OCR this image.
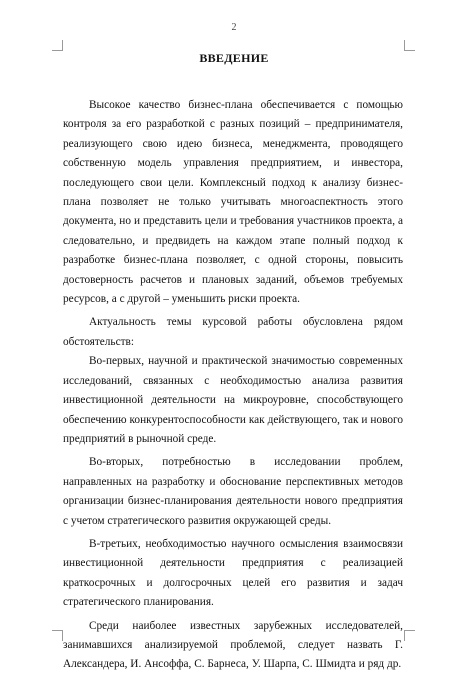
2
ВВЕДЕНИЕ

Высокое качество бизнес-плана обеспечивается с помощью контроля за его разработкой с разных позиций – предпринимателя, реализующего свою идею бизнеса, менеджмента, проводящего собственную модель управления предприятием, и инвестора, последующего свои цели. Комплексный подход к анализу бизнес-плана позволяет не только учитывать многоаспектность этого документа, но и представить цели и требования участников проекта, а следовательно, и предвидеть на каждом этапе полный подход к разработке бизнес-плана позволяет, с одной стороны, повысить достоверность расчетов и плановых заданий, объемов требуемых ресурсов, а с другой – уменьшить риски проекта.

Актуальность темы курсовой работы обусловлена рядом обстоятельств:

Во-первых, научной и практической значимостью современных исследований, связанных с необходимостью анализа развития инвестиционной деятельности на микроуровне, способствующего обеспечению конкурентоспособности как действующего, так и нового предприятий в рыночной среде.

Во-вторых, потребностью в исследовании проблем, направленных на разработку и обоснование перспективных методов организации бизнес-планирования деятельности нового предприятия с учетом стратегического развития окружающей среды.

В-третьих, необходимостью научного осмысления взаимосвязи инвестиционной деятельности предприятия с реализацией краткосрочных и долгосрочных целей его развития и задач стратегического планирования.

Среди наиболее известных зарубежных исследователей, занимавшихся анализируемой проблемой, следует назвать Г. Александера, И. Ансоффа, С. Барнеса, У. Шарпа, С. Шмидта и ряд др.
